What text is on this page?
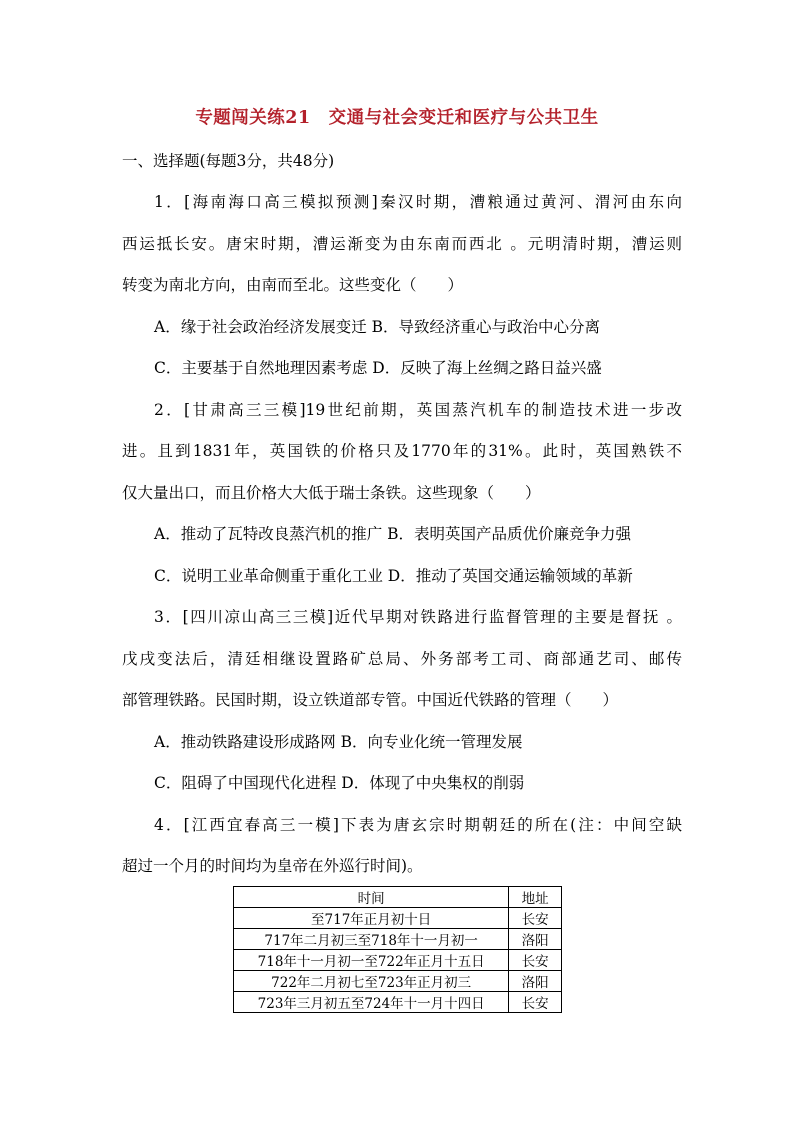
专题闯关练21　交通与社会变迁和医疗与公共卫生
一、选择题(每题3分，共48分)
1．[海南海口高三模拟预测]秦汉时期，漕粮通过黄河、渭河由东向
西运抵长安。唐宋时期，漕运渐变为由东南而西北 。元明清时期，漕运则
转变为南北方向，由南而至北。这些变化（　　）
A．缘于社会政治经济发展变迁 B．导致经济重心与政治中心分离
C．主要基于自然地理因素考虑 D．反映了海上丝绸之路日益兴盛
2．[甘肃高三三模]19世纪前期，英国蒸汽机车的制造技术进一步改
进。且到1831年，英国铁的价格只及1770年的31%。此时，英国熟铁不
仅大量出口，而且价格大大低于瑞士条铁。这些现象（　　）
A．推动了瓦特改良蒸汽机的推广 B．表明英国产品质优价廉竞争力强
C．说明工业革命侧重于重化工业 D．推动了英国交通运输领域的革新
3．[四川凉山高三三模]近代早期对铁路进行监督管理的主要是督抚 。
戊戌变法后，清廷相继设置路矿总局、外务部考工司、商部通艺司、邮传
部管理铁路。民国时期，设立铁道部专管。中国近代铁路的管理（　　）
A．推动铁路建设形成路网 B．向专业化统一管理发展
C．阻碍了中国现代化进程 D．体现了中央集权的削弱
4．[江西宜春高三一模]下表为唐玄宗时期朝廷的所在(注：中间空缺
超过一个月的时间均为皇帝在外巡行时间)。
时间	地址
至717年正月初十日	长安
717年二月初三至718年十一月初一	洛阳
718年十一月初一至722年正月十五日	长安
722年二月初七至723年正月初三	洛阳
723年三月初五至724年十一月十四日	长安
